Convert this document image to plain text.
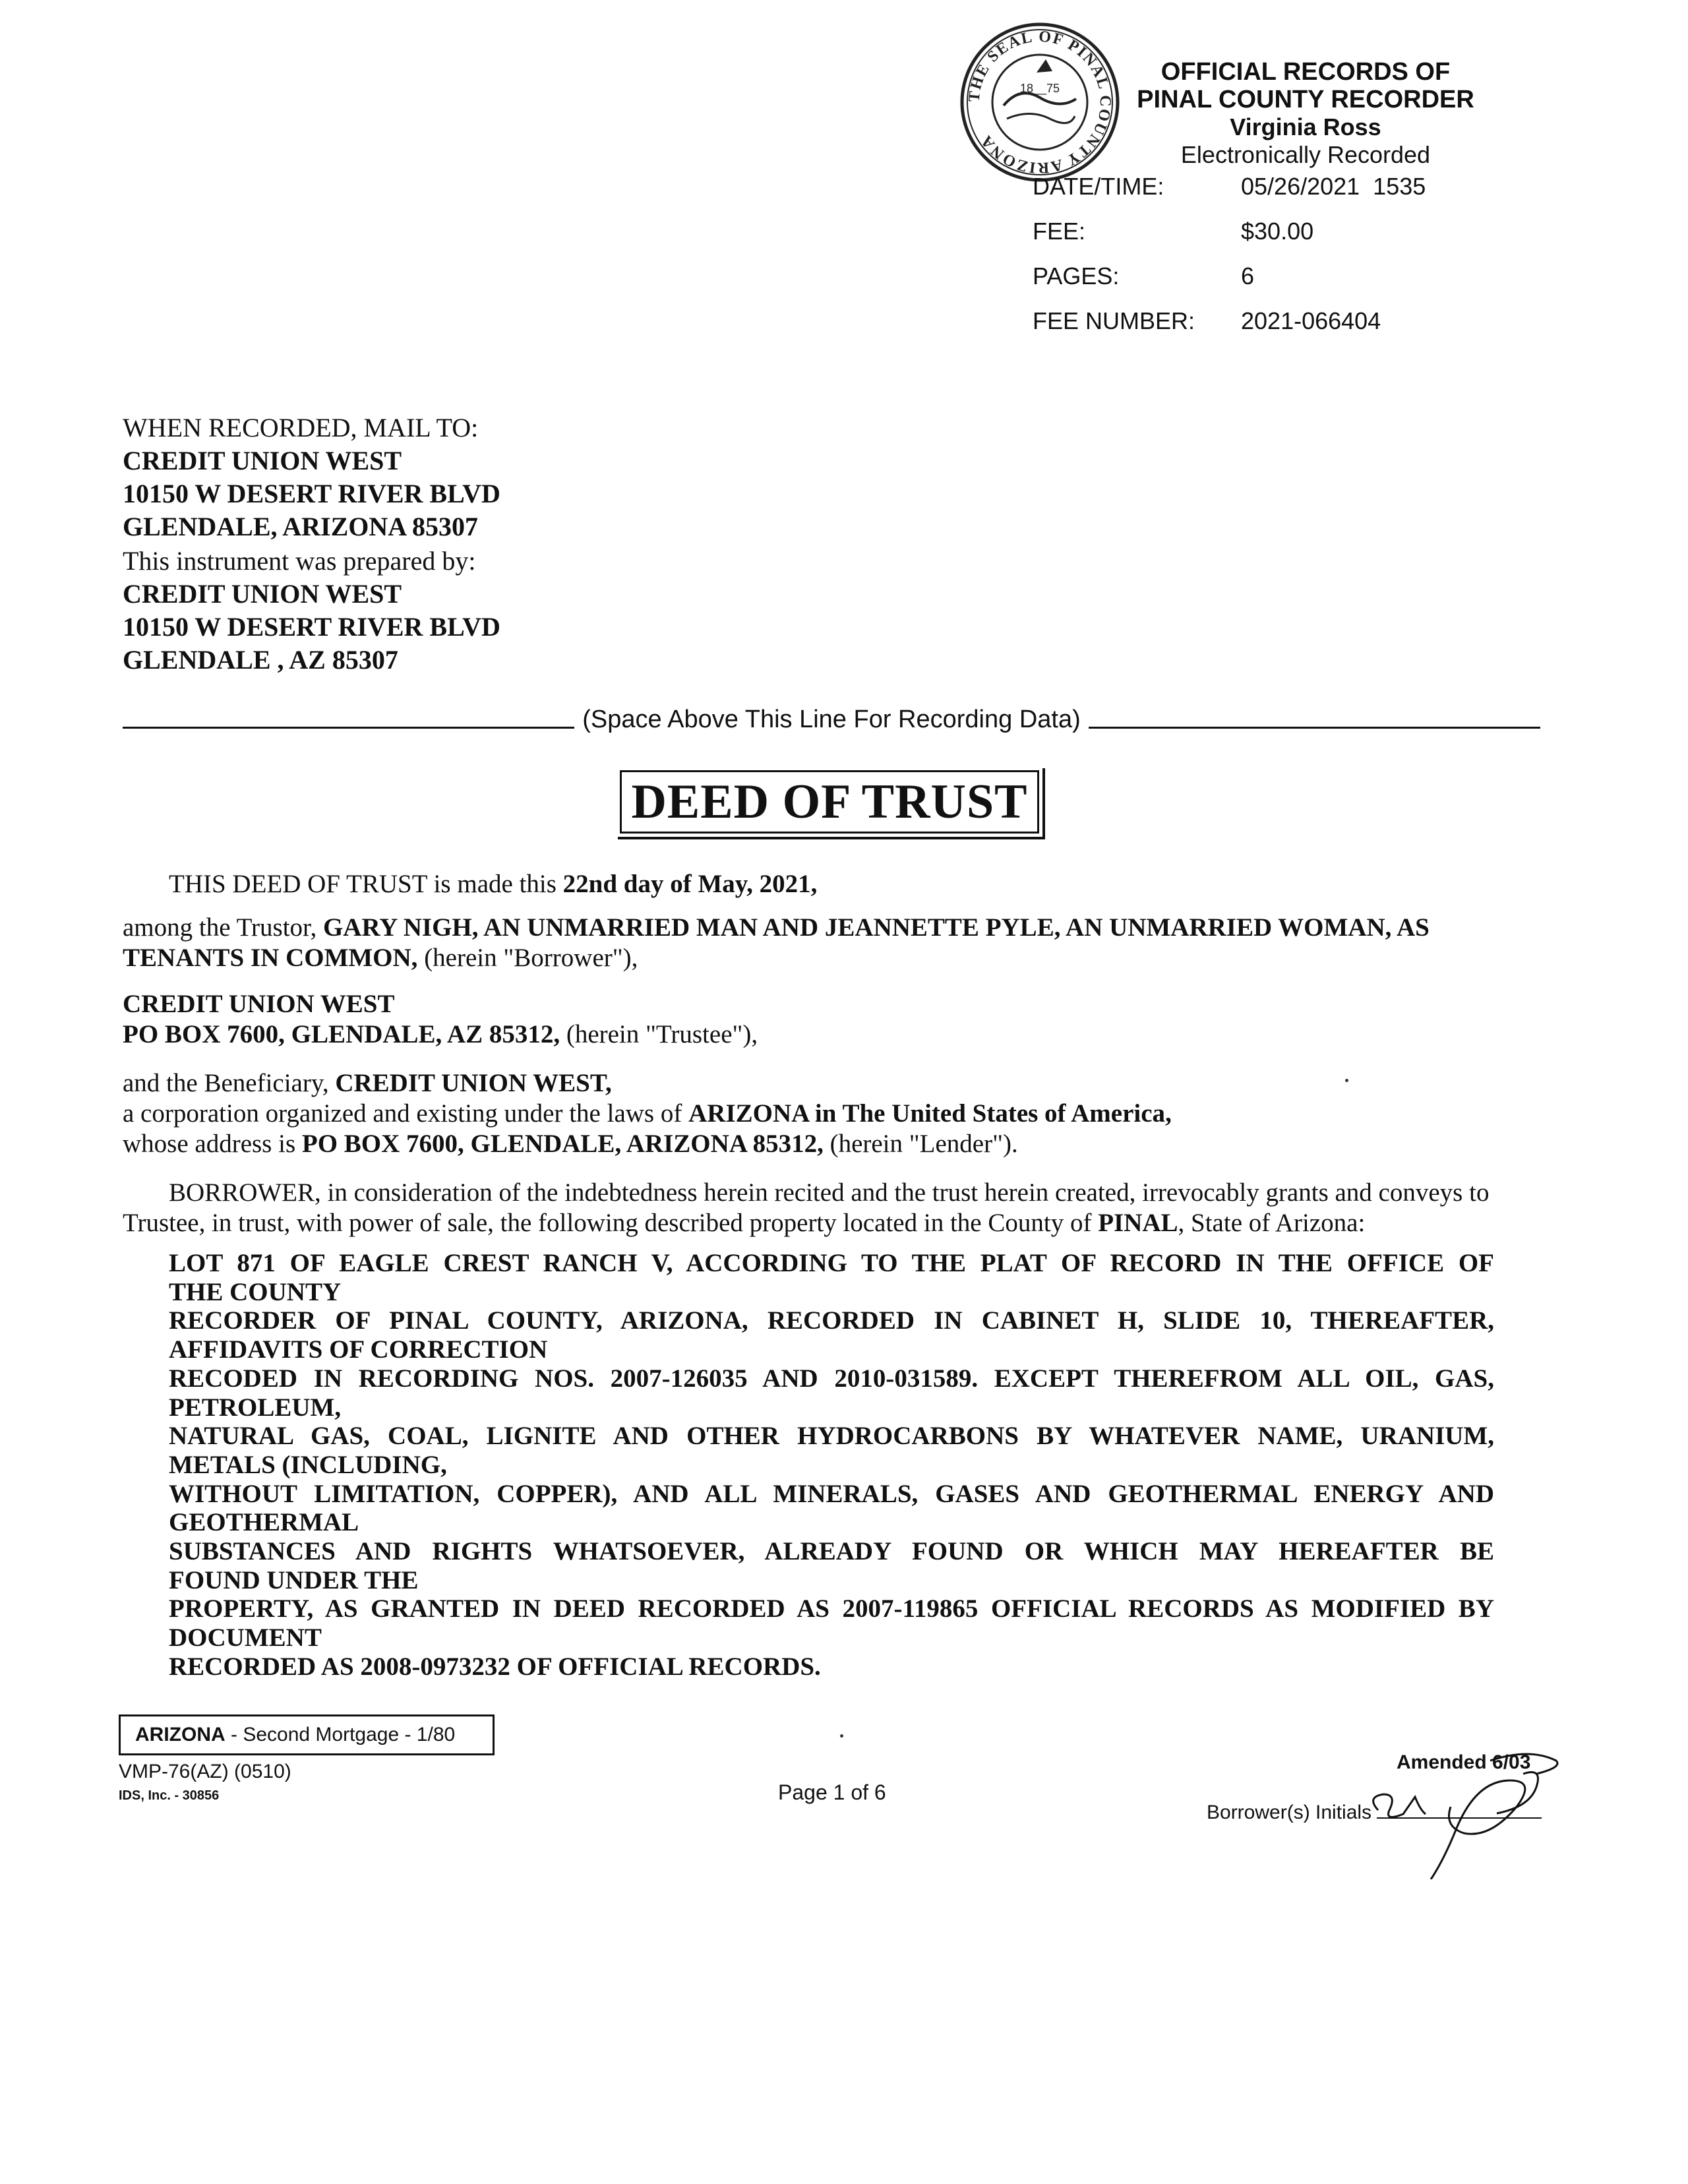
THE SEAL OF PINAL COUNTY ARIZONA
18__75
OFFICIAL RECORDS OF
PINAL COUNTY RECORDER
Virginia Ross
Electronically Recorded
DATE/TIME:	05/26/2021  1535
FEE:	$30.00
PAGES:	6
FEE NUMBER:	2021-066404
WHEN RECORDED, MAIL TO:
CREDIT UNION WEST
10150 W DESERT RIVER BLVD
GLENDALE, ARIZONA 85307
This instrument was prepared by:
CREDIT UNION WEST
10150 W DESERT RIVER BLVD
GLENDALE , AZ 85307
(Space Above This Line For Recording Data)
DEED OF TRUST
THIS DEED OF TRUST is made this 22nd day of May, 2021,
among the Trustor, GARY NIGH, AN UNMARRIED MAN AND JEANNETTE PYLE, AN UNMARRIED WOMAN, AS TENANTS IN COMMON, (herein "Borrower"),
CREDIT UNION WEST
PO BOX 7600, GLENDALE, AZ 85312, (herein "Trustee"),
and the Beneficiary, CREDIT UNION WEST,
a corporation organized and existing under the laws of ARIZONA in The United States of America,
whose address is PO BOX 7600, GLENDALE, ARIZONA 85312, (herein "Lender").
BORROWER, in consideration of the indebtedness herein recited and the trust herein created, irrevocably grants and conveys to Trustee, in trust, with power of sale, the following described property located in the County of PINAL, State of Arizona:
LOT 871 OF EAGLE CREST RANCH V, ACCORDING TO THE PLAT OF RECORD IN THE OFFICE OF
THE COUNTY
RECORDER OF PINAL COUNTY, ARIZONA, RECORDED IN CABINET H, SLIDE 10, THEREAFTER,
AFFIDAVITS OF CORRECTION
RECODED IN RECORDING NOS. 2007-126035 AND 2010-031589. EXCEPT THEREFROM ALL OIL, GAS,
PETROLEUM,
NATURAL GAS, COAL, LIGNITE AND OTHER HYDROCARBONS BY WHATEVER NAME, URANIUM,
METALS (INCLUDING,
WITHOUT LIMITATION, COPPER), AND ALL MINERALS, GASES AND GEOTHERMAL ENERGY AND
GEOTHERMAL
SUBSTANCES AND RIGHTS WHATSOEVER, ALREADY FOUND OR WHICH MAY HEREAFTER BE
FOUND UNDER THE
PROPERTY, AS GRANTED IN DEED RECORDED AS 2007-119865 OFFICIAL RECORDS AS MODIFIED BY
DOCUMENT
RECORDED AS 2008-0973232 OF OFFICIAL RECORDS.
ARIZONA - Second Mortgage - 1/80
VMP-76(AZ) (0510)
IDS, Inc. - 30856	Page 1 of 6
Amended 6/03
Borrower(s) Initials
